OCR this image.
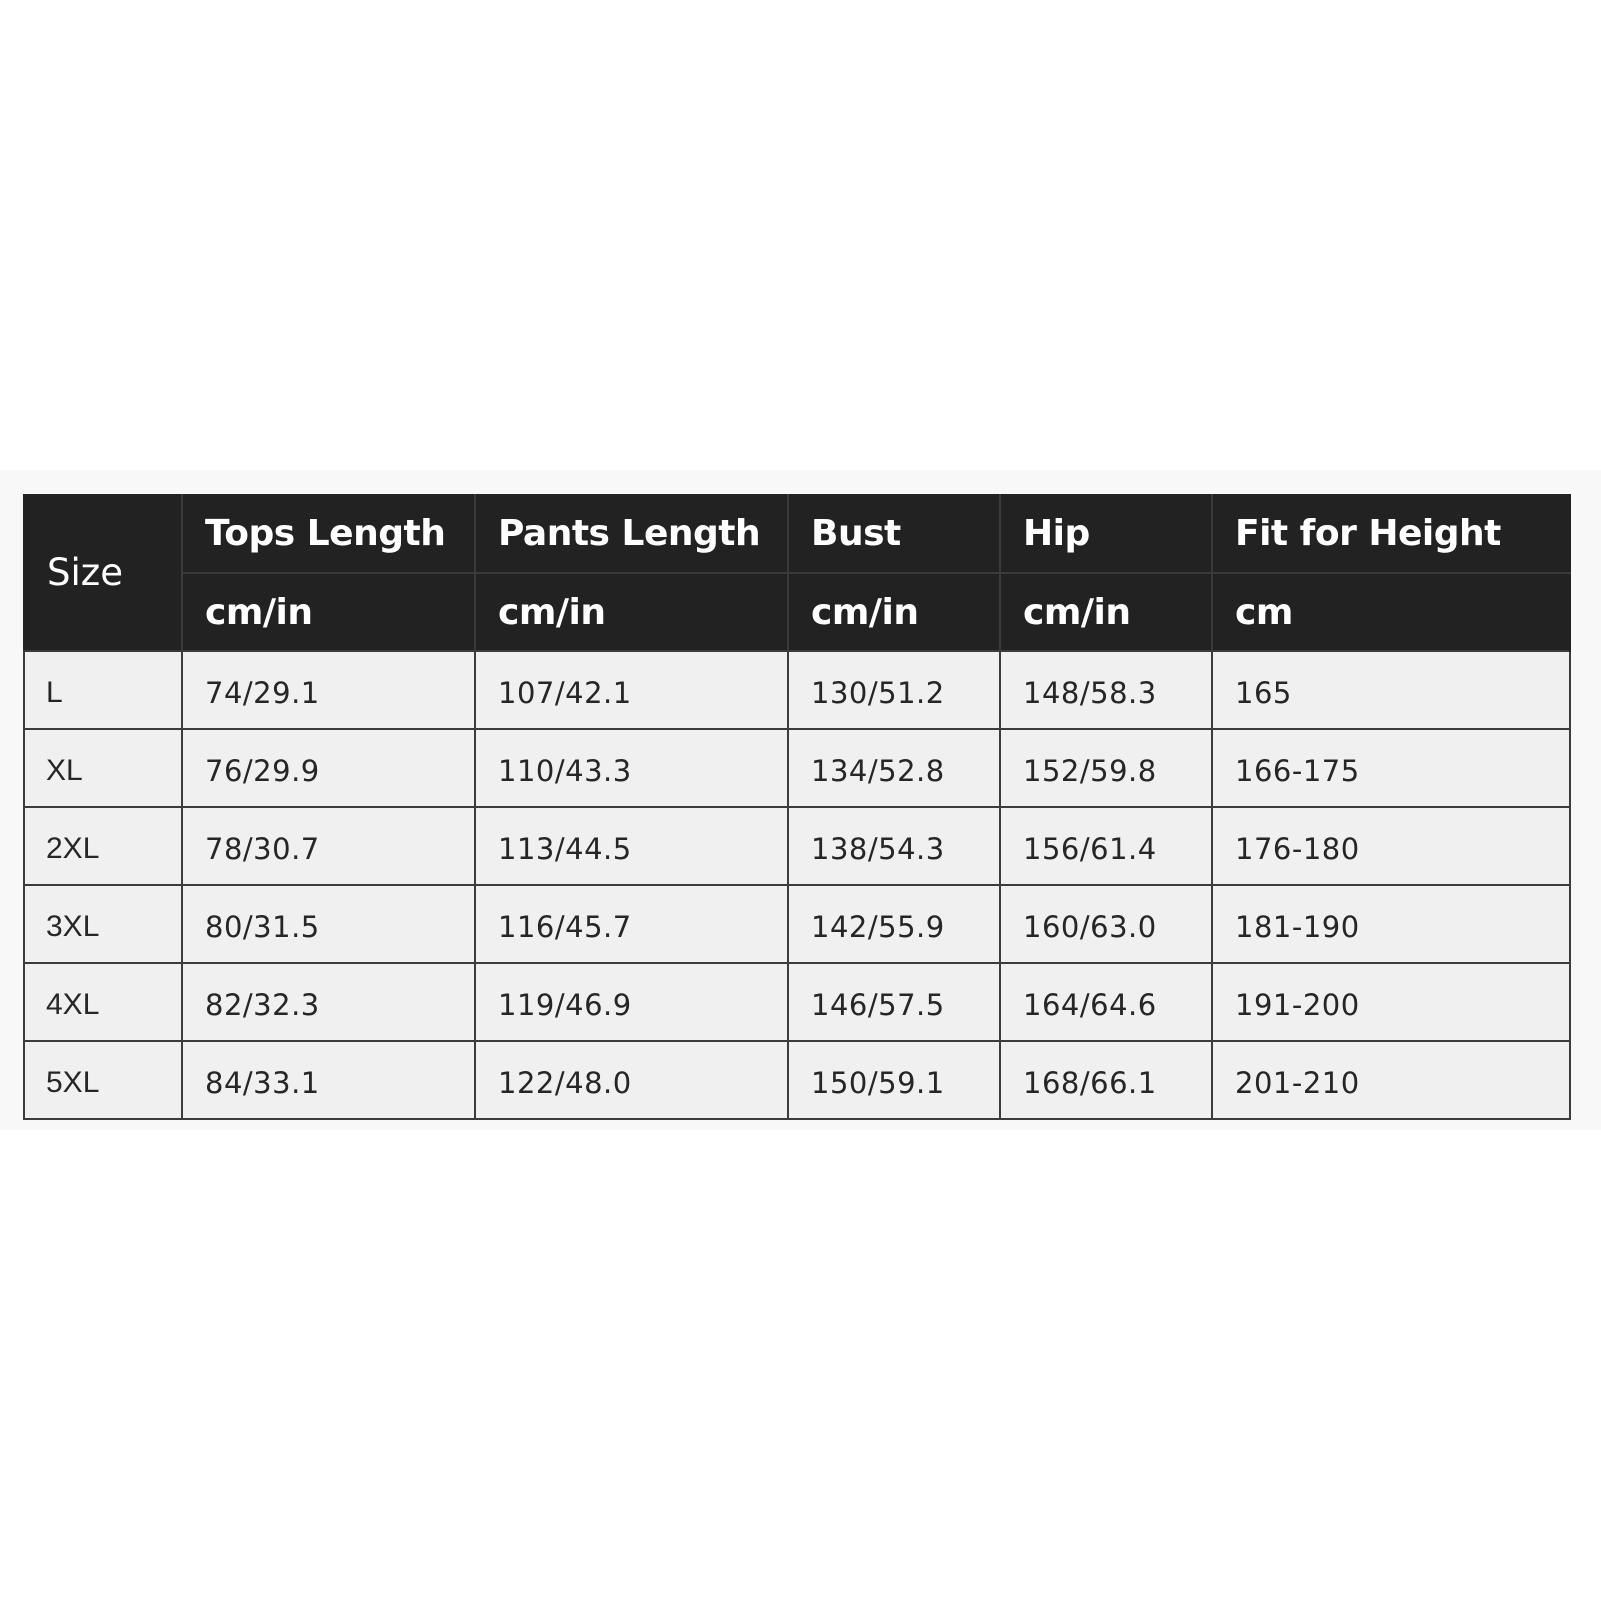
Size	Tops Length	Pants Length	Bust	Hip	Fit for Height
	cm/in	cm/in	cm/in	cm/in	cm
L	74/29.1	107/42.1	130/51.2	148/58.3	165
XL	76/29.9	110/43.3	134/52.8	152/59.8	166-175
2XL	78/30.7	113/44.5	138/54.3	156/61.4	176-180
3XL	80/31.5	116/45.7	142/55.9	160/63.0	181-190
4XL	82/32.3	119/46.9	146/57.5	164/64.6	191-200
5XL	84/33.1	122/48.0	150/59.1	168/66.1	201-210
